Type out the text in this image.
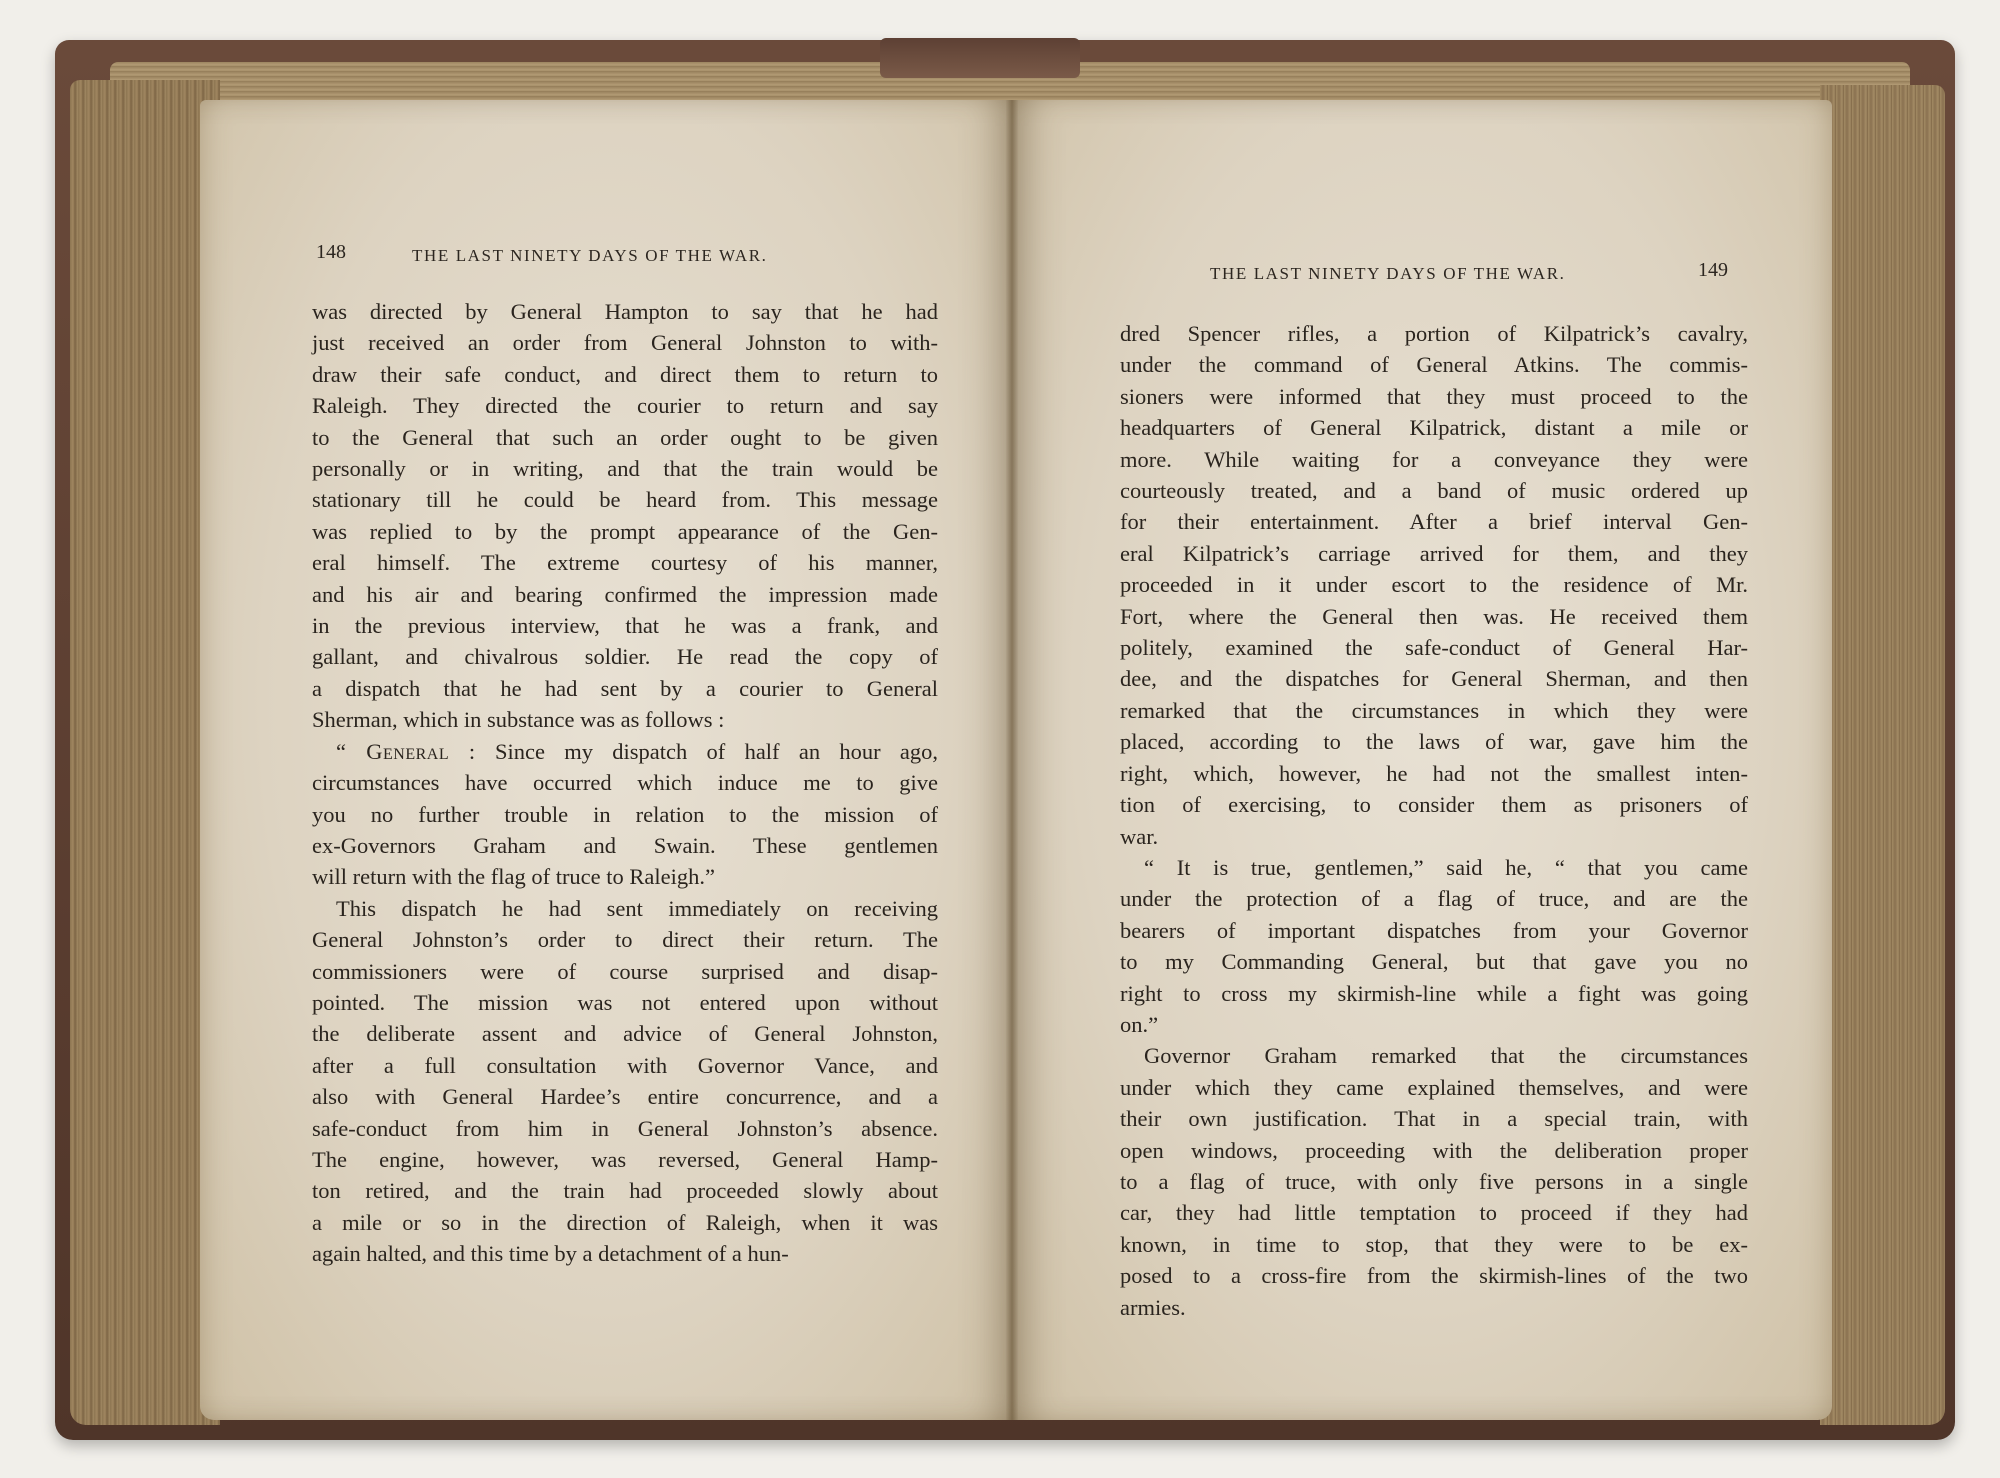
148	THE LAST NINETY DAYS OF THE WAR.
THE LAST NINETY DAYS OF THE WAR.	149
was directed by General Hampton to say that he had
just received an order from General Johnston to with-
draw their safe conduct, and direct them to return to
Raleigh. They directed the courier to return and say
to the General that such an order ought to be given
personally or in writing, and that the train would be
stationary till he could be heard from. This message
was replied to by the prompt appearance of the Gen-
eral himself. The extreme courtesy of his manner,
and his air and bearing confirmed the impression made
in the previous interview, that he was a frank, and
gallant, and chivalrous soldier. He read the copy of
a dispatch that he had sent by a courier to General
Sherman, which in substance was as follows :
“ General : Since my dispatch of half an hour ago,
circumstances have occurred which induce me to give
you no further trouble in relation to the mission of
ex-Governors Graham and Swain. These gentlemen
will return with the flag of truce to Raleigh.”
This dispatch he had sent immediately on receiving
General Johnston’s order to direct their return. The
commissioners were of course surprised and disap-
pointed. The mission was not entered upon without
the deliberate assent and advice of General Johnston,
after a full consultation with Governor Vance, and
also with General Hardee’s entire concurrence, and a
safe-conduct from him in General Johnston’s absence.
The engine, however, was reversed, General Hamp-
ton retired, and the train had proceeded slowly about
a mile or so in the direction of Raleigh, when it was
again halted, and this time by a detachment of a hun-
dred Spencer rifles, a portion of Kilpatrick’s cavalry,
under the command of General Atkins. The commis-
sioners were informed that they must proceed to the
headquarters of General Kilpatrick, distant a mile or
more. While waiting for a conveyance they were
courteously treated, and a band of music ordered up
for their entertainment. After a brief interval Gen-
eral Kilpatrick’s carriage arrived for them, and they
proceeded in it under escort to the residence of Mr.
Fort, where the General then was. He received them
politely, examined the safe-conduct of General Har-
dee, and the dispatches for General Sherman, and then
remarked that the circumstances in which they were
placed, according to the laws of war, gave him the
right, which, however, he had not the smallest inten-
tion of exercising, to consider them as prisoners of
war.
“ It is true, gentlemen,” said he, “ that you came
under the protection of a flag of truce, and are the
bearers of important dispatches from your Governor
to my Commanding General, but that gave you no
right to cross my skirmish-line while a fight was going
on.”
Governor Graham remarked that the circumstances
under which they came explained themselves, and were
their own justification. That in a special train, with
open windows, proceeding with the deliberation proper
to a flag of truce, with only five persons in a single
car, they had little temptation to proceed if they had
known, in time to stop, that they were to be ex-
posed to a cross-fire from the skirmish-lines of the two
armies.
